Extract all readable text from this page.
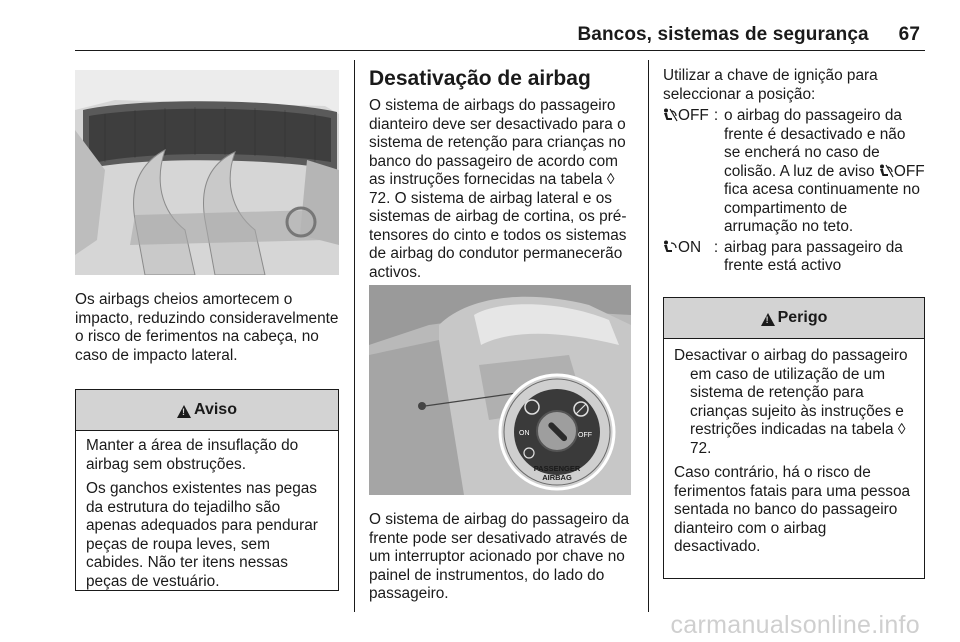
Bancos, sistemas de segurança 67

Os airbags cheios amortecem o impacto, reduzindo consideravelmente o risco de ferimentos na cabeça, no caso de impacto lateral.

!
Aviso

Manter a área de insuflação do airbag sem obstruções.

Os ganchos existentes nas pegas da estrutura do tejadilho são apenas adequados para pendurar peças de roupa leves, sem cabides. Não ter itens nessas peças de vestuário.

Desativação de airbag

O sistema de airbags do passageiro dianteiro deve ser desactivado para o sistema de retenção para crianças no banco do passageiro de acordo com as instruções fornecidas na tabela ◊ 72. O sistema de airbag lateral e os sistemas de airbag de cortina, os pré-tensores do cinto e todos os sistemas de airbag do condutor permanecerão activos.

ON	OFF
PASSENGER
AIRBAG

O sistema de airbag do passageiro da frente pode ser desativado através de um interruptor acionado por chave no painel de instrumentos, do lado do passageiro.

Utilizar a chave de ignição para seleccionar a posição:

OFF : o airbag do passageiro da frente é desactivado e não se encherá no caso de colisão. A luz de aviso OFF fica acesa continuamente no compartimento de arrumação no teto.
ON : airbag para passageiro da frente está activo
!
Perigo

Desactivar o airbag do passageiro em caso de utilização de um sistema de retenção para crianças sujeito às instruções e restrições indicadas na tabela ◊ 72.

Caso contrário, há o risco de ferimentos fatais para uma pessoa sentada no banco do passageiro dianteiro com o airbag desactivado.

carmanualsonline.info
